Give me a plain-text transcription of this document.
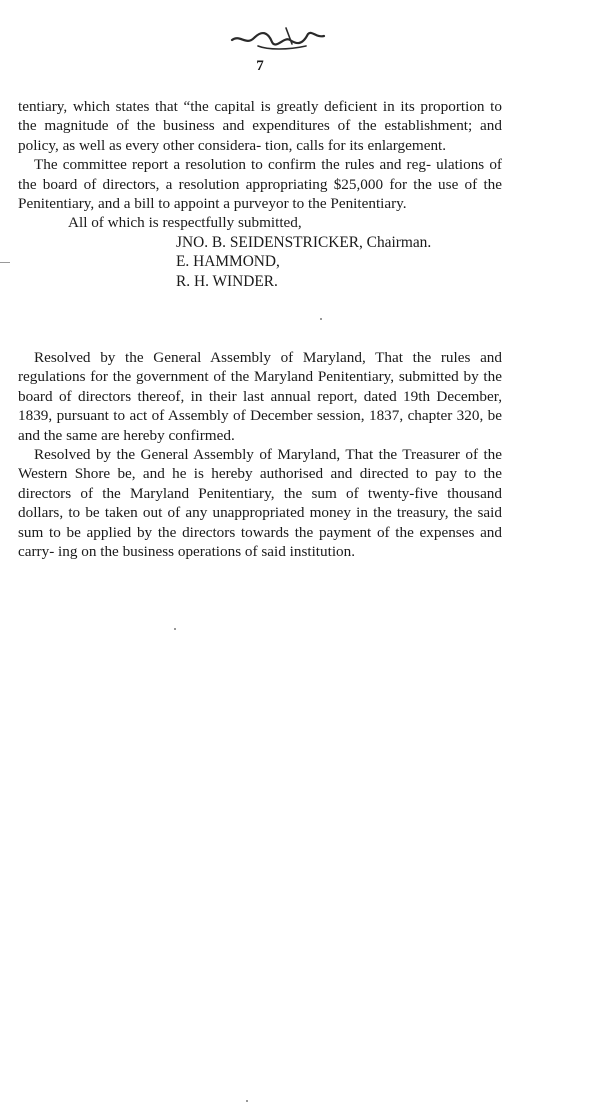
7

tentiary, which states that “the capital is greatly deficient in its proportion to the magnitude of the business and expenditures of the establishment; and policy, as well as every other considera- tion, calls for its enlargement.

The committee report a resolution to confirm the rules and reg- ulations of the board of directors, a resolution appropriating $25,000 for the use of the Penitentiary, and a bill to appoint a purveyor to the Penitentiary.

All of which is respectfully submitted,

JNO. B. SEIDENSTRICKER, Chairman.
E. HAMMOND,
R. H. WINDER.

Resolved by the General Assembly of Maryland, That the rules and regulations for the government of the Maryland Penitentiary, submitted by the board of directors thereof, in their last annual report, dated 19th December, 1839, pursuant to act of Assembly of December session, 1837, chapter 320, be and the same are hereby confirmed.

Resolved by the General Assembly of Maryland, That the Treasurer of the Western Shore be, and he is hereby authorised and directed to pay to the directors of the Maryland Penitentiary, the sum of twenty-five thousand dollars, to be taken out of any unappropriated money in the treasury, the said sum to be applied by the directors towards the payment of the expenses and carry- ing on the business operations of said institution.
